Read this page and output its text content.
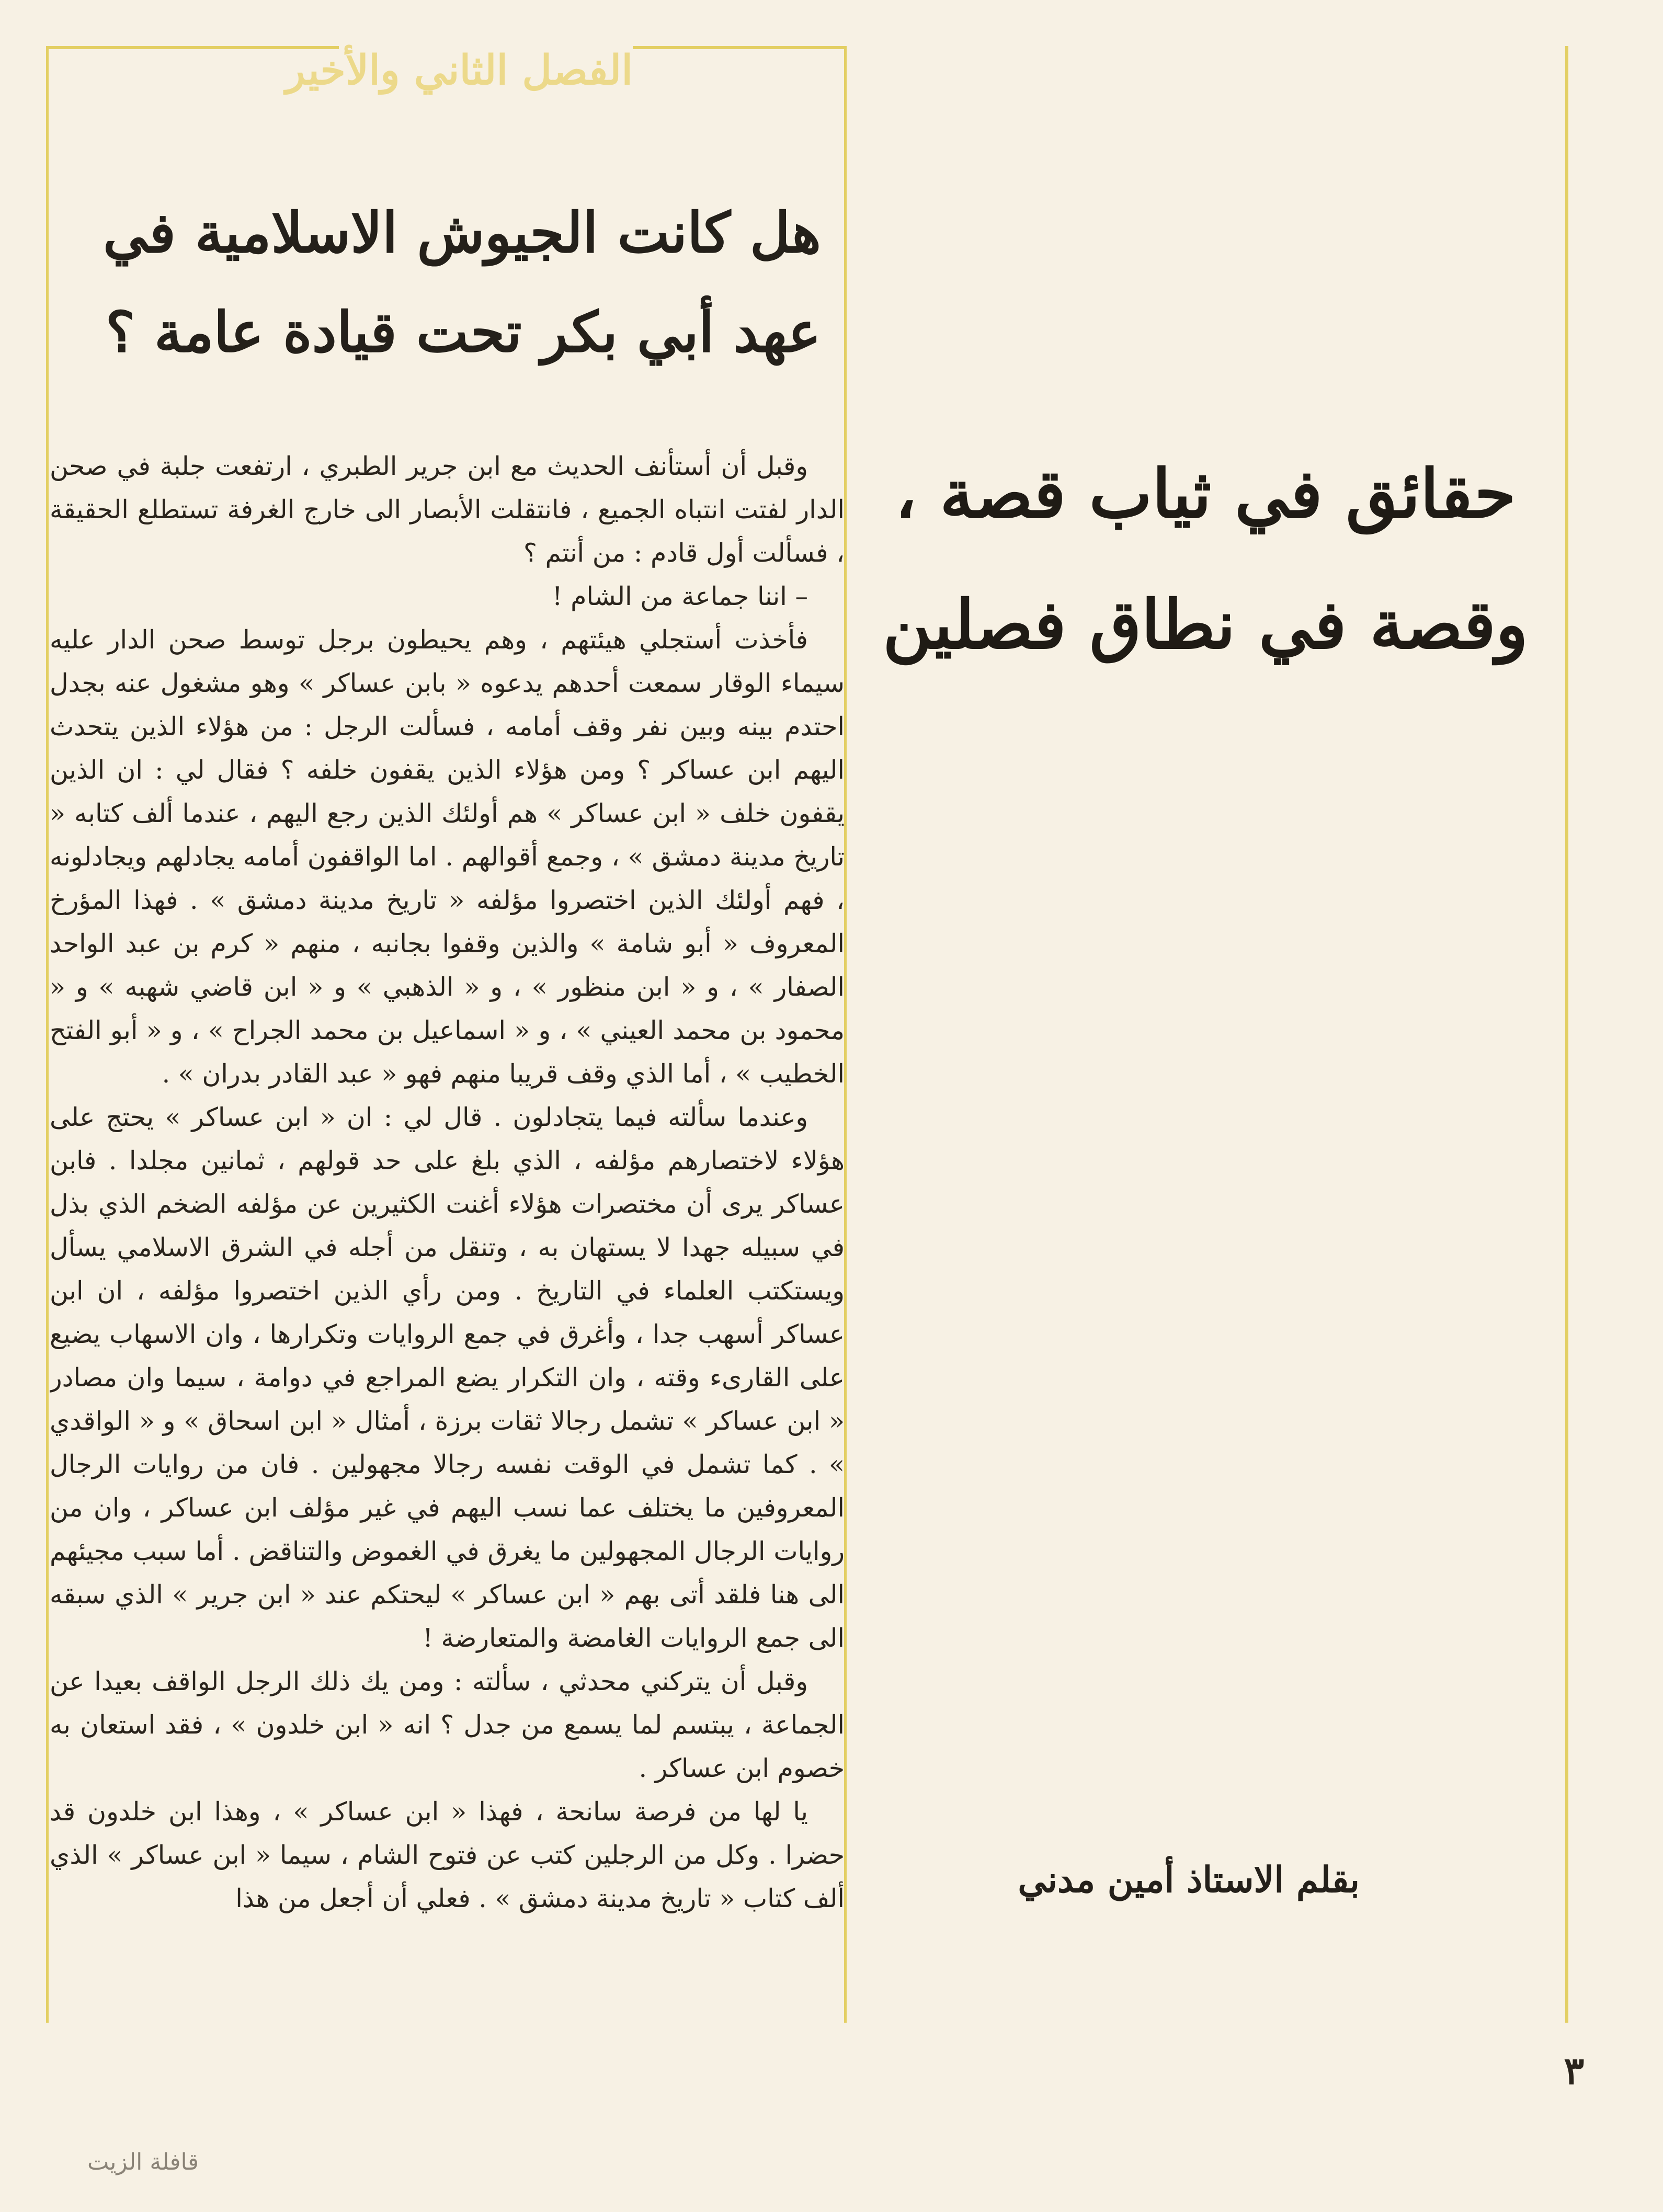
الفصل الثاني والأخير
هل كانت الجيوش الاسلامية في
عهد أبي بكر تحت قيادة عامة ؟

وقبل أن أستأنف الحديث مع ابن جرير الطبري ، ارتفعت جلبة في صحن الدار لفتت انتباه الجميع ، فانتقلت الأبصار الى خارج الغرفة تستطلع الحقيقة ، فسألت أول قادم : من أنتم ؟

– اننا جماعة من الشام !

فأخذت أستجلي هيئتهم ، وهم يحيطون برجل توسط صحن الدار عليه سيماء الوقار سمعت أحدهم يدعوه « بابن عساكر » وهو مشغول عنه بجدل احتدم بينه وبين نفر وقف أمامه ، فسألت الرجل : من هؤلاء الذين يتحدث اليهم ابن عساكر ؟ ومن هؤلاء الذين يقفون خلفه ؟ فقال لي : ان الذين يقفون خلف « ابن عساكر » هم أولئك الذين رجع اليهم ، عندما ألف كتابه « تاريخ مدينة دمشق » ، وجمع أقوالهم . اما الواقفون أمامه يجادلهم ويجادلونه ، فهم أولئك الذين اختصروا مؤلفه « تاريخ مدينة دمشق » . فهذا المؤرخ المعروف « أبو شامة » والذين وقفوا بجانبه ، منهم « كرم بن عبد الواحد الصفار » ، و « ابن منظور » ، و « الذهبي » و « ابن قاضي شهبه » و « محمود بن محمد العيني » ، و « اسماعيل بن محمد الجراح » ، و « أبو الفتح الخطيب » ، أما الذي وقف قريبا منهم فهو « عبد القادر بدران » .

وعندما سألته فيما يتجادلون . قال لي : ان « ابن عساكر » يحتج على هؤلاء لاختصارهم مؤلفه ، الذي بلغ على حد قولهم ، ثمانين مجلدا . فابن عساكر يرى أن مختصرات هؤلاء أغنت الكثيرين عن مؤلفه الضخم الذي بذل في سبيله جهدا لا يستهان به ، وتنقل من أجله في الشرق الاسلامي يسأل ويستكتب العلماء في التاريخ . ومن رأي الذين اختصروا مؤلفه ، ان ابن عساكر أسهب جدا ، وأغرق في جمع الروايات وتكرارها ، وان الاسهاب يضيع على القارىء وقته ، وان التكرار يضع المراجع في دوامة ، سيما وان مصادر « ابن عساكر » تشمل رجالا ثقات برزة ، أمثال « ابن اسحاق » و « الواقدي » . كما تشمل في الوقت نفسه رجالا مجهولين . فان من روايات الرجال المعروفين ما يختلف عما نسب اليهم في غير مؤلف ابن عساكر ، وان من روايات الرجال المجهولين ما يغرق في الغموض والتناقض . أما سبب مجيئهم الى هنا فلقد أتى بهم « ابن عساكر » ليحتكم عند « ابن جرير » الذي سبقه الى جمع الروايات الغامضة والمتعارضة !

وقبل أن يتركني محدثي ، سألته : ومن يك ذلك الرجل الواقف بعيدا عن الجماعة ، يبتسم لما يسمع من جدل ؟ انه « ابن خلدون » ، فقد استعان به خصوم ابن عساكر .

يا لها من فرصة سانحة ، فهذا « ابن عساكر » ، وهذا ابن خلدون قد حضرا . وكل من الرجلين كتب عن فتوح الشام ، سيما « ابن عساكر » الذي ألف كتاب « تاريخ مدينة دمشق » . فعلي أن أجعل من هذا

حقائق في ثياب قصة ،
وقصة في نطاق فصلين
بقلم الاستاذ أمين مدني
٣
قافلة الزيت
